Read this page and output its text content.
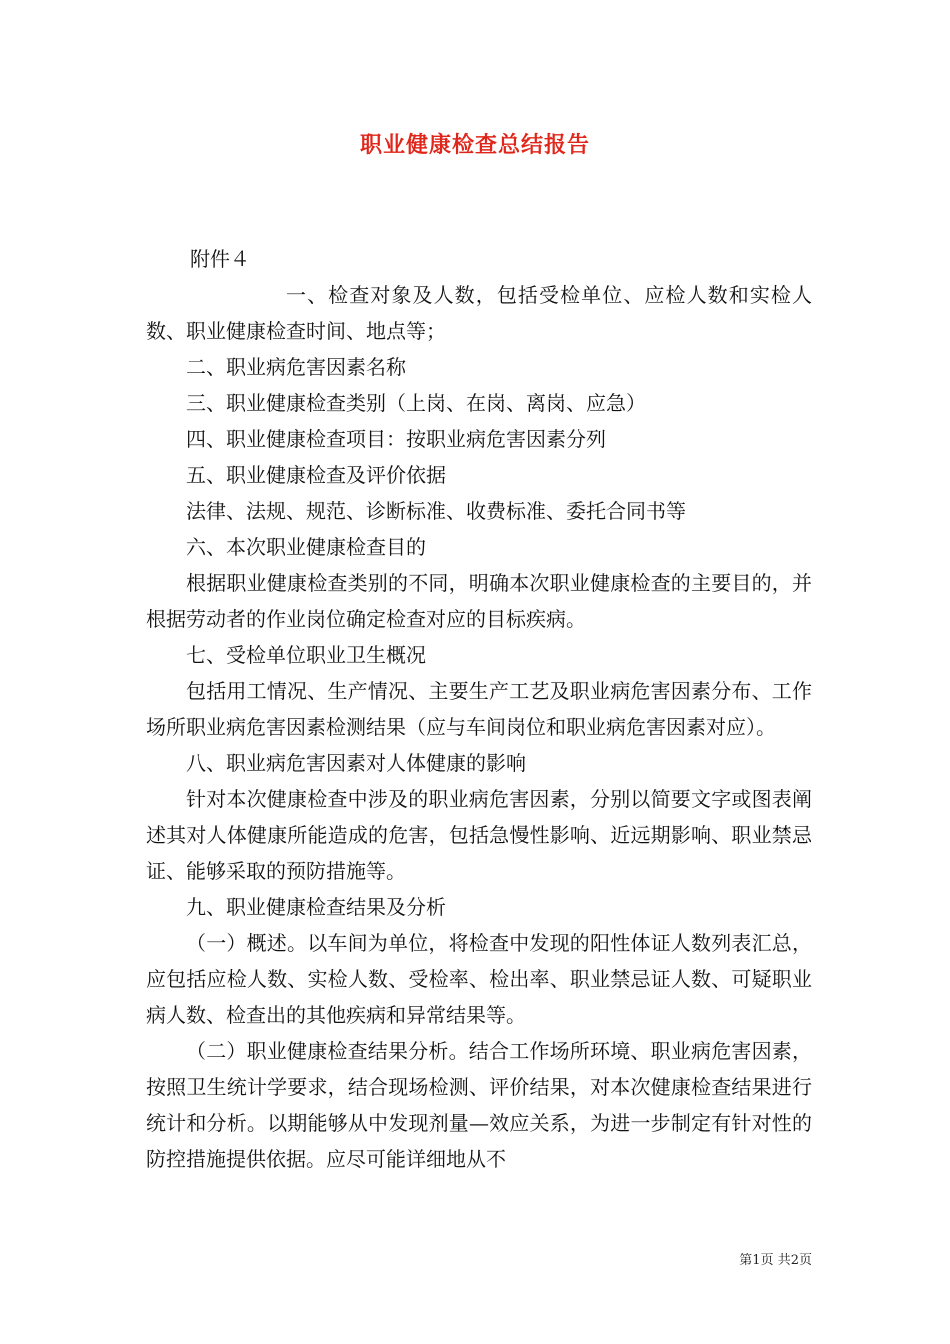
职业健康检查总结报告

附件４

一、检查对象及人数，包括受检单位、应检人数和实检人数、职业健康检查时间、地点等；

二、职业病危害因素名称

三、职业健康检查类别（上岗、在岗、离岗、应急）

四、职业健康检查项目：按职业病危害因素分列

五、职业健康检查及评价依据

法律、法规、规范、诊断标准、收费标准、委托合同书等

六、本次职业健康检查目的

根据职业健康检查类别的不同，明确本次职业健康检查的主要目的，并根据劳动者的作业岗位确定检查对应的目标疾病。

七、受检单位职业卫生概况

包括用工情况、生产情况、主要生产工艺及职业病危害因素分布、工作场所职业病危害因素检测结果（应与车间岗位和职业病危害因素对应）。

八、职业病危害因素对人体健康的影响

针对本次健康检查中涉及的职业病危害因素，分别以简要文字或图表阐述其对人体健康所能造成的危害，包括急慢性影响、近远期影响、职业禁忌证、能够采取的预防措施等。

九、职业健康检查结果及分析

（一）概述。以车间为单位，将检查中发现的阳性体证人数列表汇总，应包括应检人数、实检人数、受检率、检出率、职业禁忌证人数、可疑职业病人数、检查出的其他疾病和异常结果等。

（二）职业健康检查结果分析。结合工作场所环境、职业病危害因素，按照卫生统计学要求，结合现场检测、评价结果，对本次健康检查结果进行统计和分析。以期能够从中发现剂量—效应关系，为进一步制定有针对性的防控措施提供依据。应尽可能详细地从不

第1页 共2页
